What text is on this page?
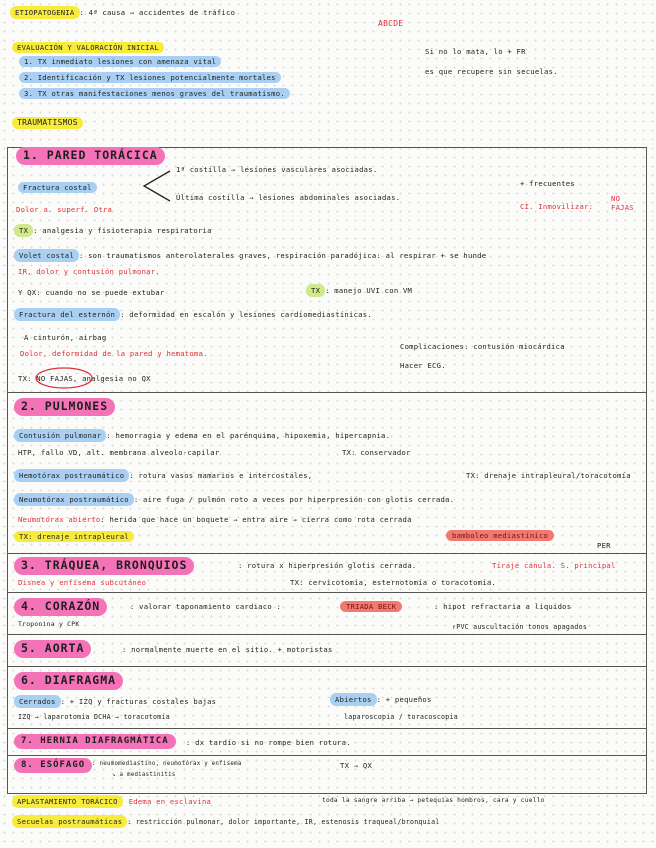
ETIOPATOGENIA : 4ª causa → accidentes de tráfico
ABCDE
EVALUACIÓN Y VALORACIÓN INICIAL
1. TX inmediato lesiones con amenaza vital
2. Identificación y TX lesiones potencialmente mortales
3. TX otras manifestaciones menos graves del traumatismo.
Si no lo mata, lo + FR
es que recupere sin secuelas.
TRAUMATISMOS
1. PARED TORÁCICA
Fractura costal
1ª costilla → lesiones vasculares asociadas.
Última costilla → lesiones abdominales asociadas.
+ frecuentes
Dolor a. superf. Otra	CI. Inmovilizar:
NO FAJAS
TX : analgesia y fisioterapia respiratoria
Volet costal : son traumatismos anterolaterales graves, respiración paradójica: al respirar + se hunde
IR, dolor y contusión pulmonar.
Y QX: cuando no se puede extubar	TX : manejo UVI con VM
Fractura del esternón : deformidad en escalón y lesiones cardiomediastínicas.
A cinturón, airbag
Dolor, deformidad de la pared y hematoma.
Complicaciones: contusión miocárdica
Hacer ECG.
TX: NO FAJAS, analgesia no QX
2. PULMONES
Contusión pulmonar : hemorragia y edema en el parénquima, hipoxemia, hipercapnia.
HTP, fallo VD, alt. membrana alveolo-capilar	TX: conservador
Hemotórax postraumático : rotura vasos mamarios e intercostales,	TX: drenaje intrapleural/toracotomía
Neumotórax postraumático : aire fuga / pulmón roto a veces por hiperpresión con glotis cerrada.
Neumotórax abierto: herida que hace un boquete → entra aire → cierra como rota cerrada
TX: drenaje intrapleural	bamboleo mediastínico
PER
3. TRÁQUEA, BRONQUIOS	: rotura x hiperpresión glotis cerrada.	Tiraje cánula. S. principal
Disnea y enfisema subcutáneo	TX: cervicotomía, esternotomía o toracotomía.
4. CORAZÓN	: valorar taponamiento cardiaco :	TRIADA BECK	: hipot refractaria a líquidos
Troponina y CPK	↑PVC auscultación tonos apagados
5. AORTA	: normalmente muerte en el sitio. + motoristas
6. DIAFRAGMA
Cerrados : + IZQ y fracturas costales bajas	Abiertos : + pequeños
IZQ → laparotomía DCHA → toracotomía	laparoscopia / toracoscopia
7. HERNIA DIAFRAGMÁTICA	: dx tardío si no rompe bien rotura.
8. ESÓFAGO	: neumomediastino, neumotórax y enfisema
↘ a mediastinitis
TX → QX
APLASTAMIENTO TORÁCICO Edema en esclavina	toda la sangre arriba → petequias hombros, cara y cuello
Secuelas postraumáticas : restricción pulmonar, dolor importante, IR, estenosis traqueal/bronquial
